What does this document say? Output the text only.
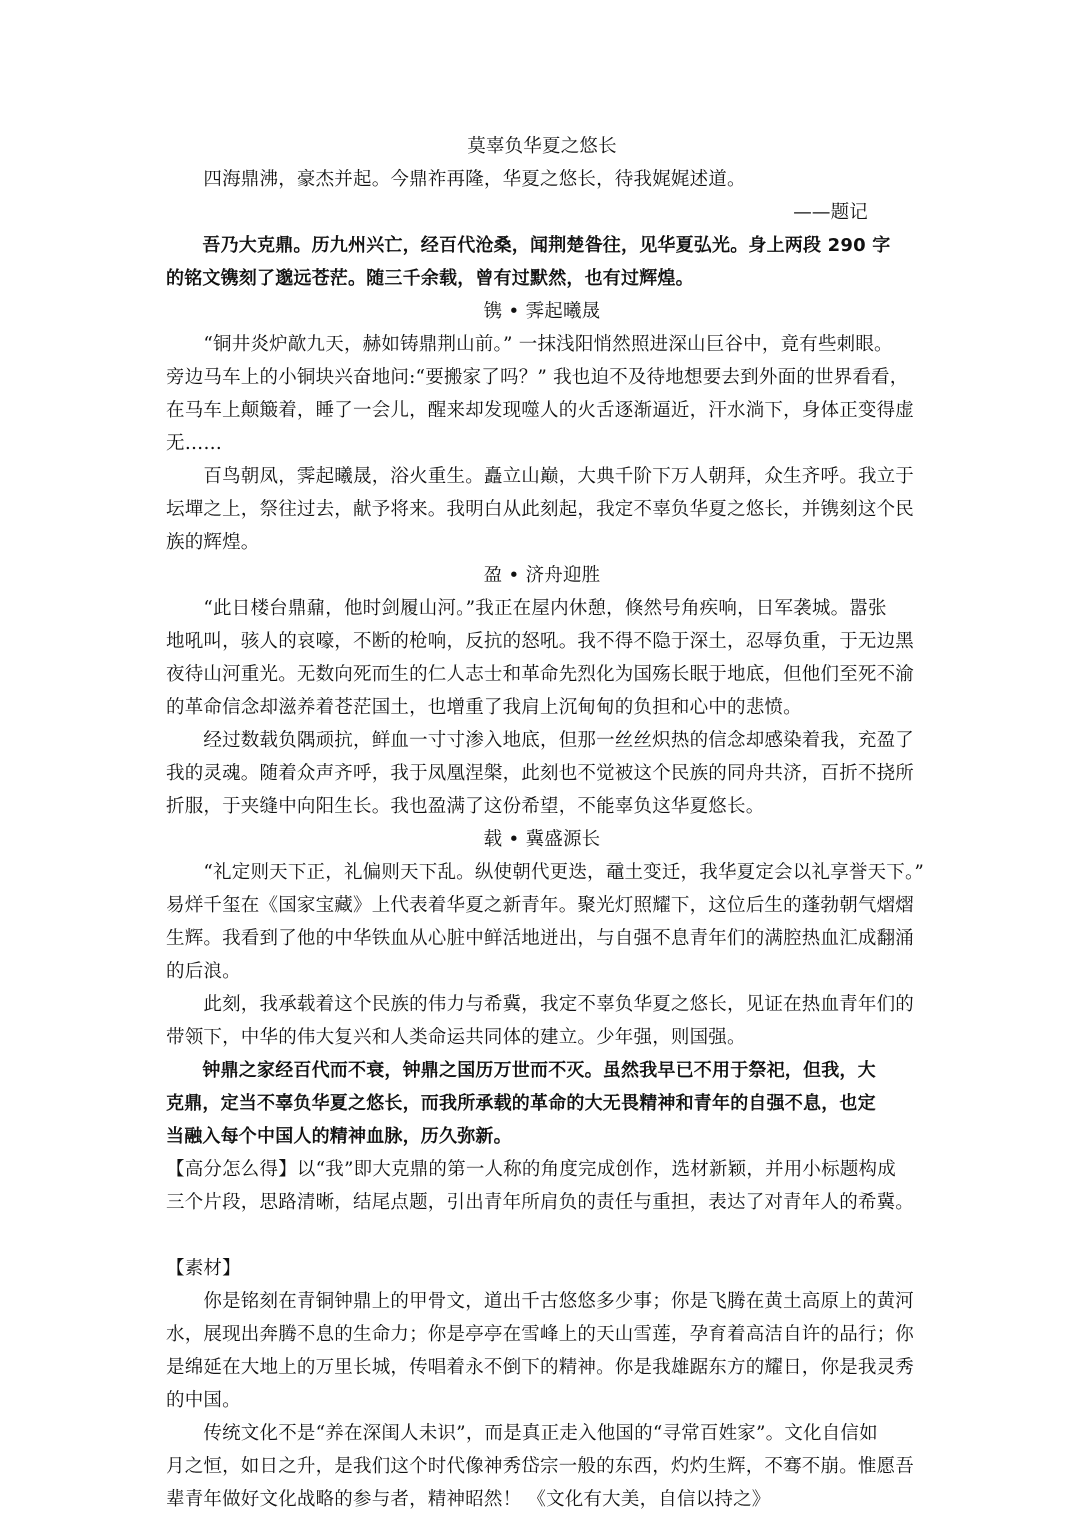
莫辜负华夏之悠长
　　四海鼎沸，豪杰并起。今鼎祚再隆，华夏之悠长，待我娓娓述道。
——题记
　　吾乃大克鼎。历九州兴亡，经百代沧桑，闻荆楚昝往，见华夏弘光。身上两段 290 字
的铭文镌刻了邈远苍茫。随三千余载，曾有过默然，也有过辉煌。
镌 • 霁起曦晟
　　“铜井炎炉歊九天，赫如铸鼎荆山前。” 一抹浅阳悄然照进深山巨谷中，竟有些刺眼。
旁边马车上的小铜块兴奋地问:“要搬家了吗？” 我也迫不及待地想要去到外面的世界看看，
在马车上颠簸着，睡了一会儿，醒来却发现噬人的火舌逐渐逼近，汗水淌下，身体正变得虚
无……
　　百鸟朝凤，霁起曦晟，浴火重生。矗立山巅，大典千阶下万人朝拜，众生齐呼。我立于
坛墠之上，祭往过去，献予将来。我明白从此刻起，我定不辜负华夏之悠长，并镌刻这个民
族的辉煌。
盈 • 济舟迎胜
　　“此日楼台鼎鼐，他时剑履山河。”我正在屋内休憩，倏然号角疾响，日军袭城。嚣张
地吼叫，骇人的哀嚎，不断的枪响，反抗的怒吼。我不得不隐于深土，忍辱负重，于无边黑
夜待山河重光。无数向死而生的仁人志士和革命先烈化为国殇长眠于地底，但他们至死不渝
的革命信念却滋养着苍茫国土，也增重了我肩上沉甸甸的负担和心中的悲愤。
　　经过数载负隅顽抗，鲜血一寸寸渗入地底，但那一丝丝炽热的信念却感染着我，充盈了
我的灵魂。随着众声齐呼，我于凤凰涅槃，此刻也不觉被这个民族的同舟共济，百折不挠所
折服，于夹缝中向阳生长。我也盈满了这份希望，不能辜负这华夏悠长。
载 • 冀盛源长
　　“礼定则天下正，礼偏则天下乱。纵使朝代更迭，黿土变迁，我华夏定会以礼享誉天下。”
易烊千玺在《国家宝藏》上代表着华夏之新青年。聚光灯照耀下，这位后生的蓬勃朝气熠熠
生辉。我看到了他的中华铁血从心脏中鲜活地迸出，与自强不息青年们的满腔热血汇成翻涌
的后浪。
　　此刻，我承载着这个民族的伟力与希冀，我定不辜负华夏之悠长，见证在热血青年们的
带领下，中华的伟大复兴和人类命运共同体的建立。少年强，则国强。
　　钟鼎之家经百代而不衰，钟鼎之国历万世而不灭。虽然我早已不用于祭祀，但我，大
克鼎，定当不辜负华夏之悠长，而我所承载的革命的大无畏精神和青年的自强不息，也定
当融入每个中国人的精神血脉，历久弥新。
【高分怎么得】以“我”即大克鼎的第一人称的角度完成创作，选材新颖，并用小标题构成
三个片段，思路清晰，结尾点题，引出青年所肩负的责任与重担，表达了对青年人的希冀。
【素材】
　　你是铭刻在青铜钟鼎上的甲骨文，道出千古悠悠多少事；你是飞腾在黄土高原上的黄河
水，展现出奔腾不息的生命力；你是亭亭在雪峰上的天山雪莲，孕育着高洁自许的品行；你
是绵延在大地上的万里长城，传唱着永不倒下的精神。你是我雄踞东方的耀日，你是我灵秀
的中国。
　　传统文化不是“养在深闺人未识”，而是真正走入他国的“寻常百姓家”。文化自信如
月之恒，如日之升，是我们这个时代像神秀岱宗一般的东西，灼灼生辉，不骞不崩。惟愿吾
辈青年做好文化战略的参与者，精神昭然！ 《文化有大美，自信以持之》
